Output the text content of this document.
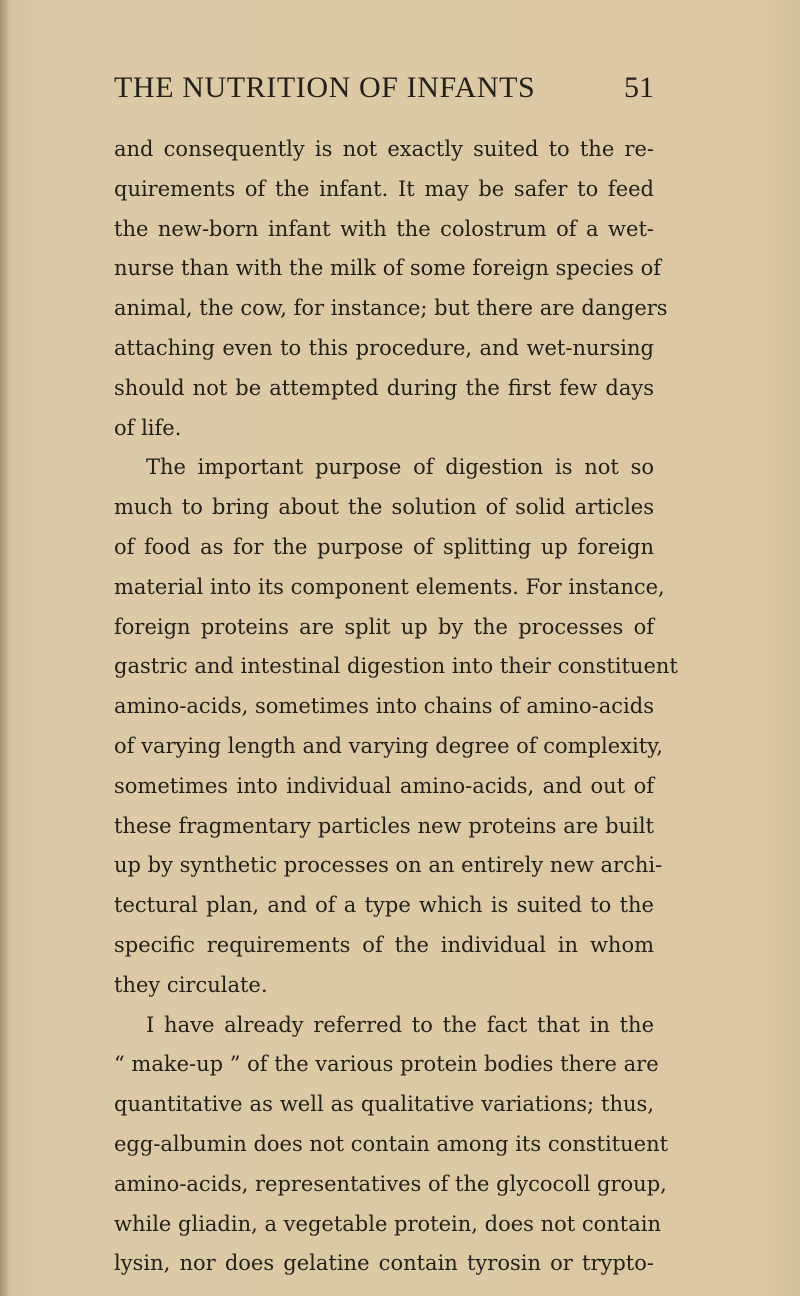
THE NUTRITION OF INFANTS	51
and consequently is not exactly suited to the re-
quirements of the infant. It may be safer to feed
the new-born infant with the colostrum of a wet-
nurse than with the milk of some foreign species of
animal, the cow, for instance; but there are dangers
attaching even to this procedure, and wet-nursing
should not be attempted during the first few days
of life.
The important purpose of digestion is not so
much to bring about the solution of solid articles
of food as for the purpose of splitting up foreign
material into its component elements. For instance,
foreign proteins are split up by the processes of
gastric and intestinal digestion into their constituent
amino-acids, sometimes into chains of amino-acids
of varying length and varying degree of complexity,
sometimes into individual amino-acids, and out of
these fragmentary particles new proteins are built
up by synthetic processes on an entirely new archi-
tectural plan, and of a type which is suited to the
specific requirements of the individual in whom
they circulate.
I have already referred to the fact that in the
“ make-up ” of the various protein bodies there are
quantitative as well as qualitative variations; thus,
egg-albumin does not contain among its constituent
amino-acids, representatives of the glycocoll group,
while gliadin, a vegetable protein, does not contain
lysin, nor does gelatine contain tyrosin or trypto-
